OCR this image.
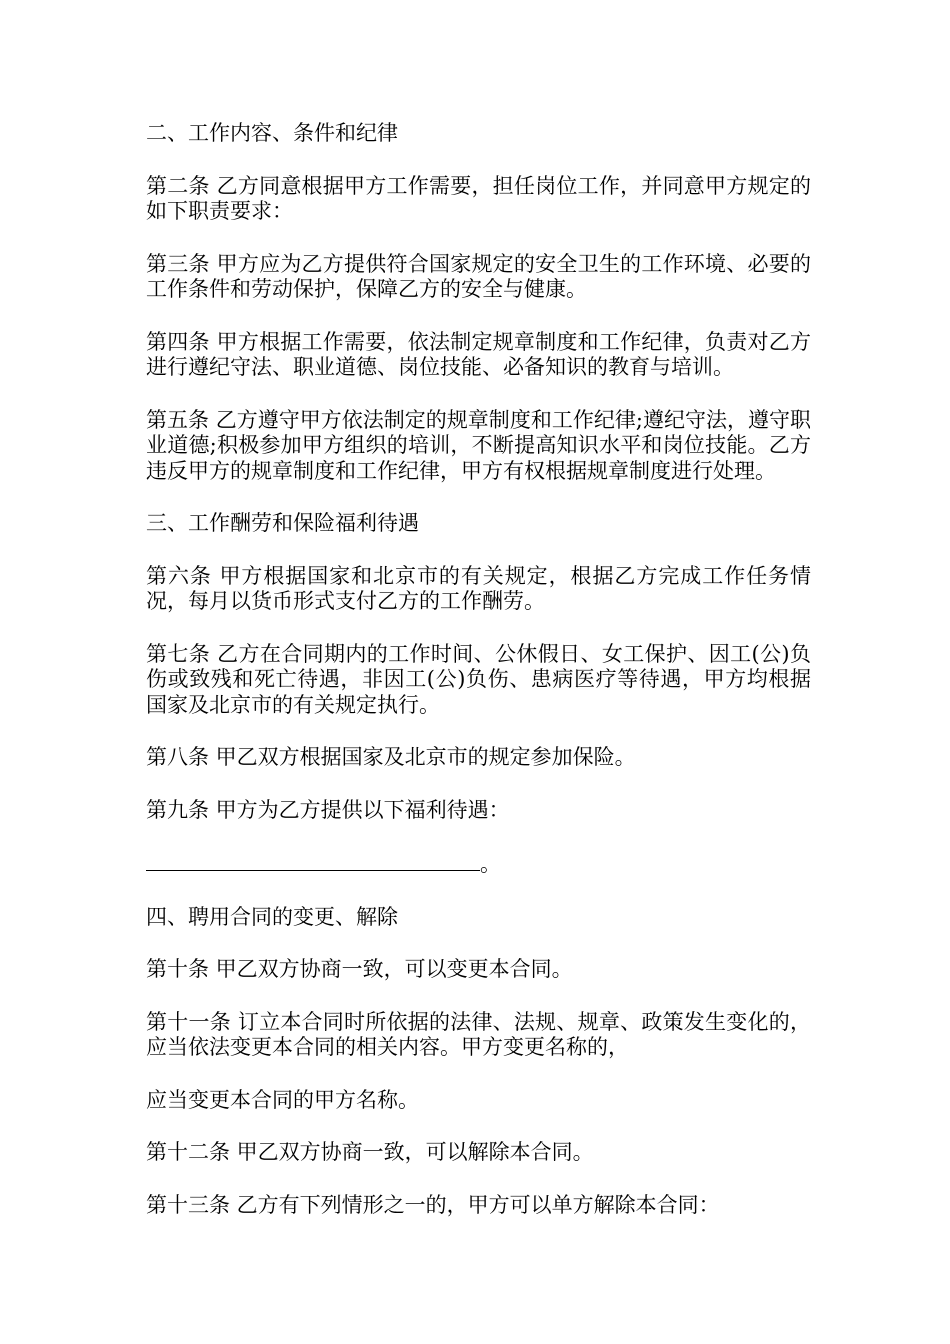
二、工作内容、条件和纪律

第二条 乙方同意根据甲方工作需要，担任岗位工作，并同意甲方规定的如下职责要求：

第三条 甲方应为乙方提供符合国家规定的安全卫生的工作环境、必要的工作条件和劳动保护，保障乙方的安全与健康。

第四条 甲方根据工作需要，依法制定规章制度和工作纪律，负责对乙方进行遵纪守法、职业道德、岗位技能、必备知识的教育与培训。

第五条 乙方遵守甲方依法制定的规章制度和工作纪律;遵纪守法，遵守职业道德;积极参加甲方组织的培训，不断提高知识水平和岗位技能。乙方违反甲方的规章制度和工作纪律，甲方有权根据规章制度进行处理。

三、工作酬劳和保险福利待遇

第六条 甲方根据国家和北京市的有关规定，根据乙方完成工作任务情况，每月以货币形式支付乙方的工作酬劳。

第七条 乙方在合同期内的工作时间、公休假日、女工保护、因工(公)负伤或致残和死亡待遇，非因工(公)负伤、患病医疗等待遇，甲方均根据国家及北京市的有关规定执行。

第八条 甲乙双方根据国家及北京市的规定参加保险。

第九条 甲方为乙方提供以下福利待遇：

。

四、聘用合同的变更、解除

第十条 甲乙双方协商一致，可以变更本合同。

第十一条 订立本合同时所依据的法律、法规、规章、政策发生变化的，应当依法变更本合同的相关内容。甲方变更名称的，

应当变更本合同的甲方名称。

第十二条 甲乙双方协商一致，可以解除本合同。

第十三条 乙方有下列情形之一的，甲方可以单方解除本合同：
